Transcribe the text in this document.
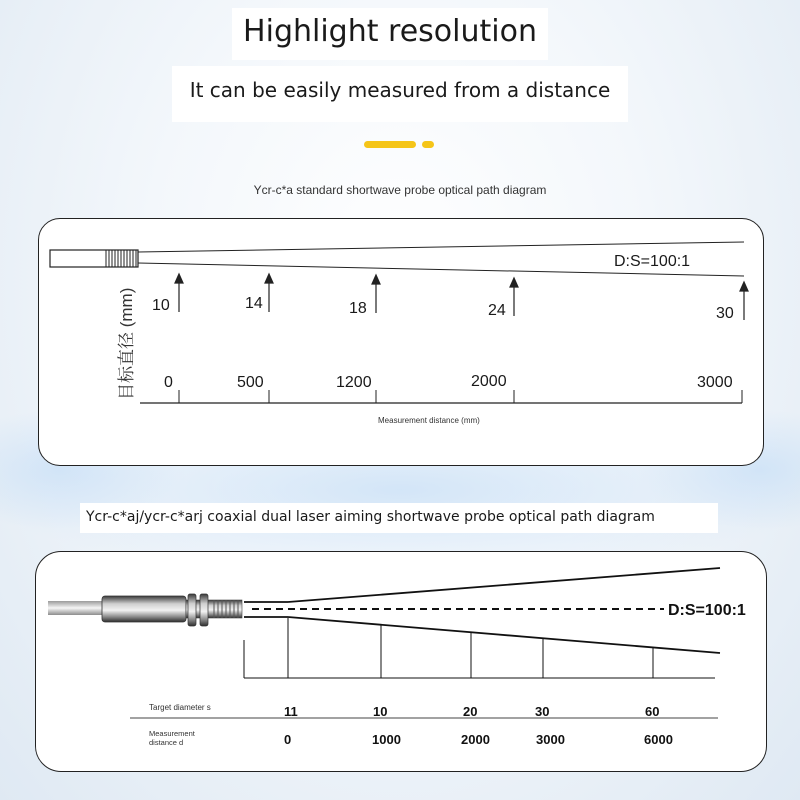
Highlight resolution
It can be easily measured from a distance
Ycr-c*a standard shortwave probe optical path diagram
D:S=100:1
10	14	18	24	30
目标直径 (mm) 0	500	1200	2000	3000
Measurement distance (mm)
Ycr-c*aj/ycr-c*arj coaxial dual laser aiming shortwave probe optical path diagram
D:S=100:1
Target diameter s
Measurement
distance d
11	10	20	30	60
0	1000	2000	3000	6000
